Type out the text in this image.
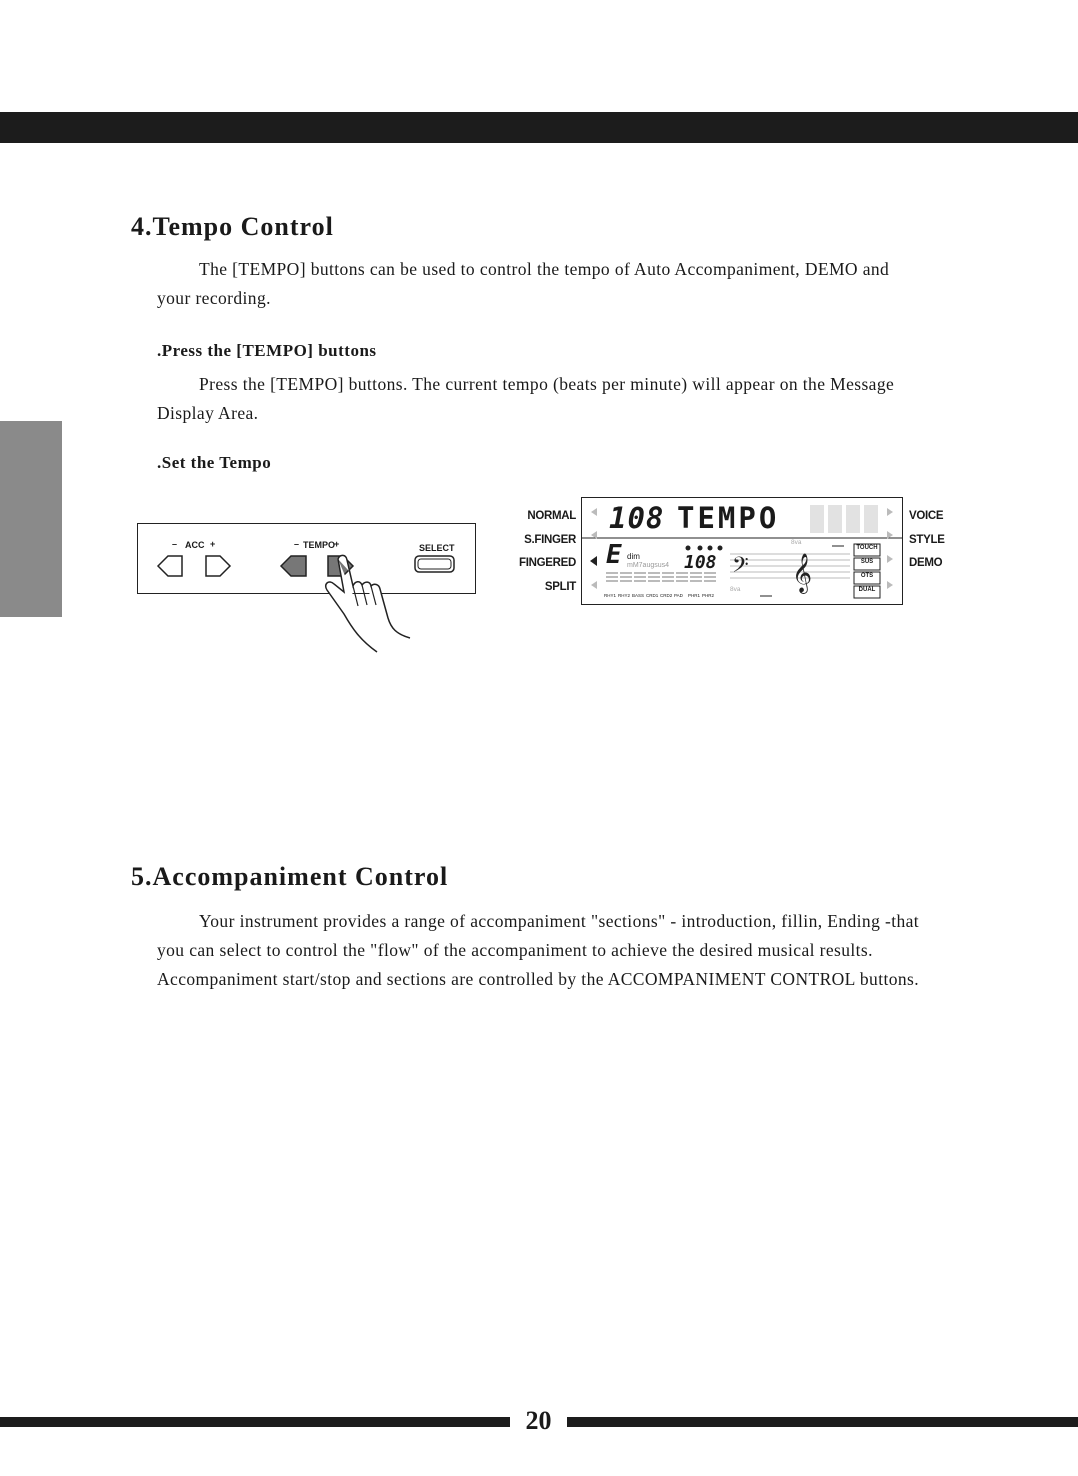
4.Tempo Control
The [TEMPO] buttons can be used to control the tempo of Auto Accompaniment, DEMO and your recording.
.Press the [TEMPO] buttons
Press the [TEMPO] buttons. The current tempo (beats per minute) will appear on the Message Display Area.
.Set the Tempo
– ACC +	– TEMPO
+	SELECT
NORMAL
S.FINGER
FINGERED
SPLIT
VOICE
STYLE
DEMO
𝄢 𝄞
108 TEMPO
E dim
mM7augsus4 108
8va
8va
TOUCH
SUS
OTS
DUAL
RHY1 RHY2 BASS CRD1 CRD2 PAD	PHR1 PHR2
5.Accompaniment Control
Your instrument provides a range of accompaniment "sections" - introduction, fillin, Ending -that you can select to control the "flow" of the accompaniment to achieve the desired musical results. Accompaniment start/stop and sections are controlled by the ACCOMPANIMENT CONTROL buttons.
20
